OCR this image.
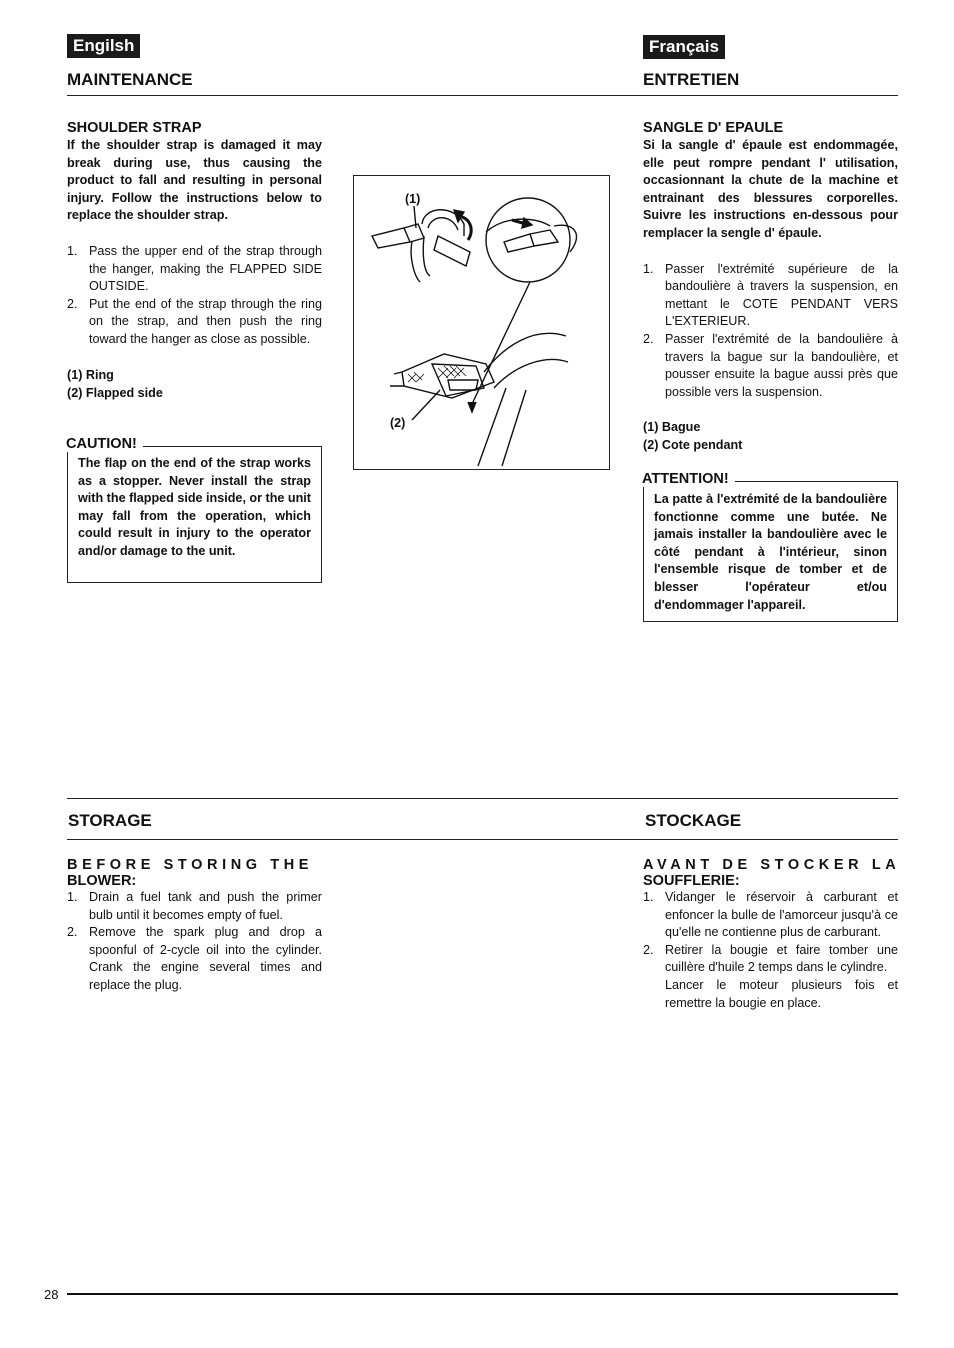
Engilsh	Français
MAINTENANCE	ENTRETIEN
SHOULDER STRAP
If the shoulder strap is damaged it may break during use, thus causing the product to fall and resulting in personal injury. Follow the instructions below to replace the shoulder strap.
1. Pass the upper end of the strap through the hanger, making the FLAPPED SIDE OUTSIDE.
2. Put the end of the strap through the ring on the strap, and then push the ring toward the hanger as close as possible.
(1) Ring
(2) Flapped side
The flap on the end of the strap works as a stopper. Never install the strap with the flapped side inside, or the unit may fall from the operation, which could result in injury to the operator and/or damage to the unit.
CAUTION!
(1)
(2)
SANGLE D' EPAULE
Si la sangle d' épaule est endommagée, elle peut rompre pendant l' utilisation, occasionnant la chute de la machine et entrainant des blessures corporelles. Suivre les instructions en-dessous pour remplacer la sengle d' épaule.
1. Passer l'extrémité supérieure de la bandoulière à travers la suspension, en mettant le COTE PENDANT VERS L'EXTERIEUR.
2. Passer l'extrémité de la bandoulière à travers la bague sur la bandoulière, et pousser ensuite la bague aussi près que possible vers la suspension.
(1) Bague
(2) Cote pendant
La patte à l'extrémité de la bandoulière fonctionne comme une butée. Ne jamais installer la bandoulière avec le côté pendant à l'intérieur, sinon l'ensemble risque de tomber et de blesser l'opérateur et/ou d'endommager l'appareil.
ATTENTION!
STORAGE	STOCKAGE
BEFORE STORING THE
BLOWER:
1. Drain a fuel tank and push the primer bulb until it becomes empty of fuel.
2. Remove the spark plug and drop a spoonful of 2-cycle oil into the cylinder. Crank the engine several times and replace the plug.
AVANT DE STOCKER LA
SOUFFLERIE:
1. Vidanger le réservoir à carburant et enfoncer la bulle de l'amorceur jusqu'à ce qu'elle ne contienne plus de carburant.
2. Retirer la bougie et faire tomber une cuillère d'huile 2 temps dans le cylindre.
Lancer le moteur plusieurs fois et remettre la bougie en place.
28
